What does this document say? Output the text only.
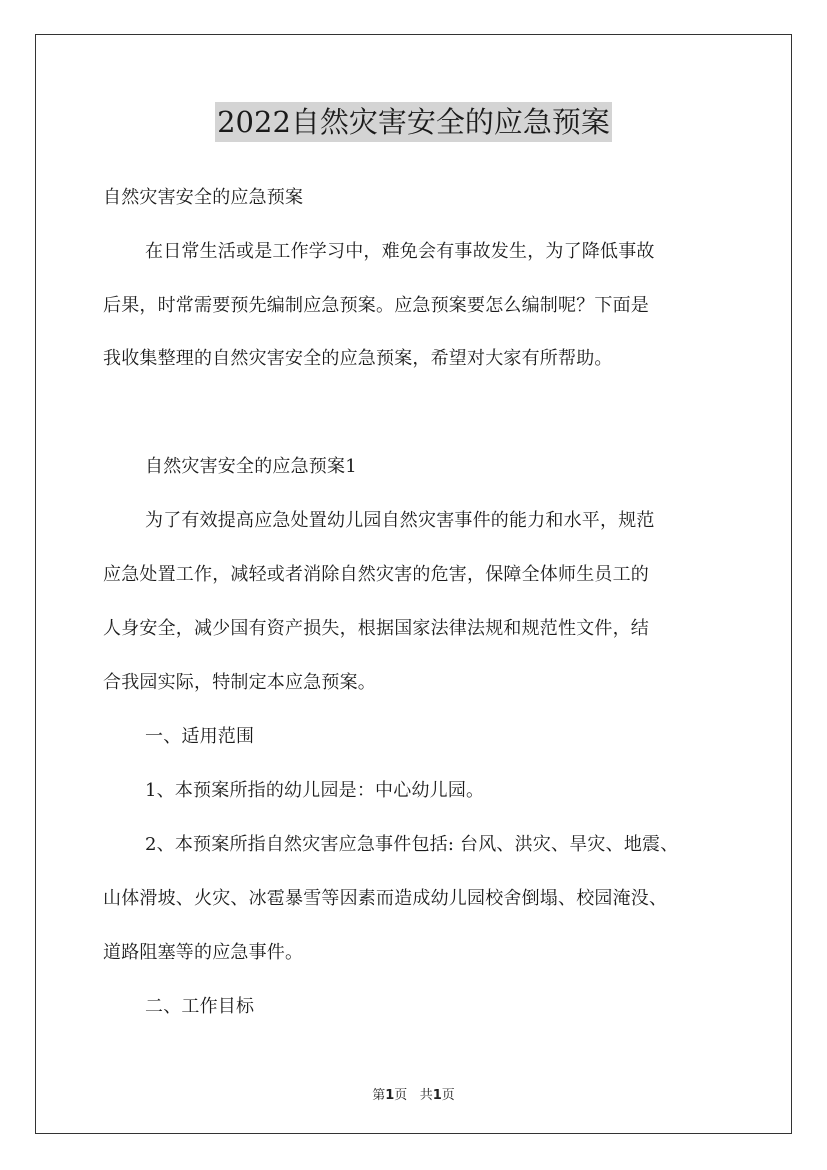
2022自然灾害安全的应急预案
自然灾害安全的应急预案
在日常生活或是工作学习中，难免会有事故发生，为了降低事故
后果，时常需要预先编制应急预案。应急预案要怎么编制呢？下面是
我收集整理的自然灾害安全的应急预案，希望对大家有所帮助。
自然灾害安全的应急预案1
为了有效提高应急处置幼儿园自然灾害事件的能力和水平，规范
应急处置工作，减轻或者消除自然灾害的危害，保障全体师生员工的
人身安全，减少国有资产损失，根据国家法律法规和规范性文件，结
合我园实际，特制定本应急预案。
一、适用范围
1、本预案所指的幼儿园是：中心幼儿园。
2、本预案所指自然灾害应急事件包括: 台风、洪灾、旱灾、地震、
山体滑坡、火灾、冰雹暴雪等因素而造成幼儿园校舍倒塌、校园淹没、
道路阻塞等的应急事件。
二、工作目标
第1页 共1页
